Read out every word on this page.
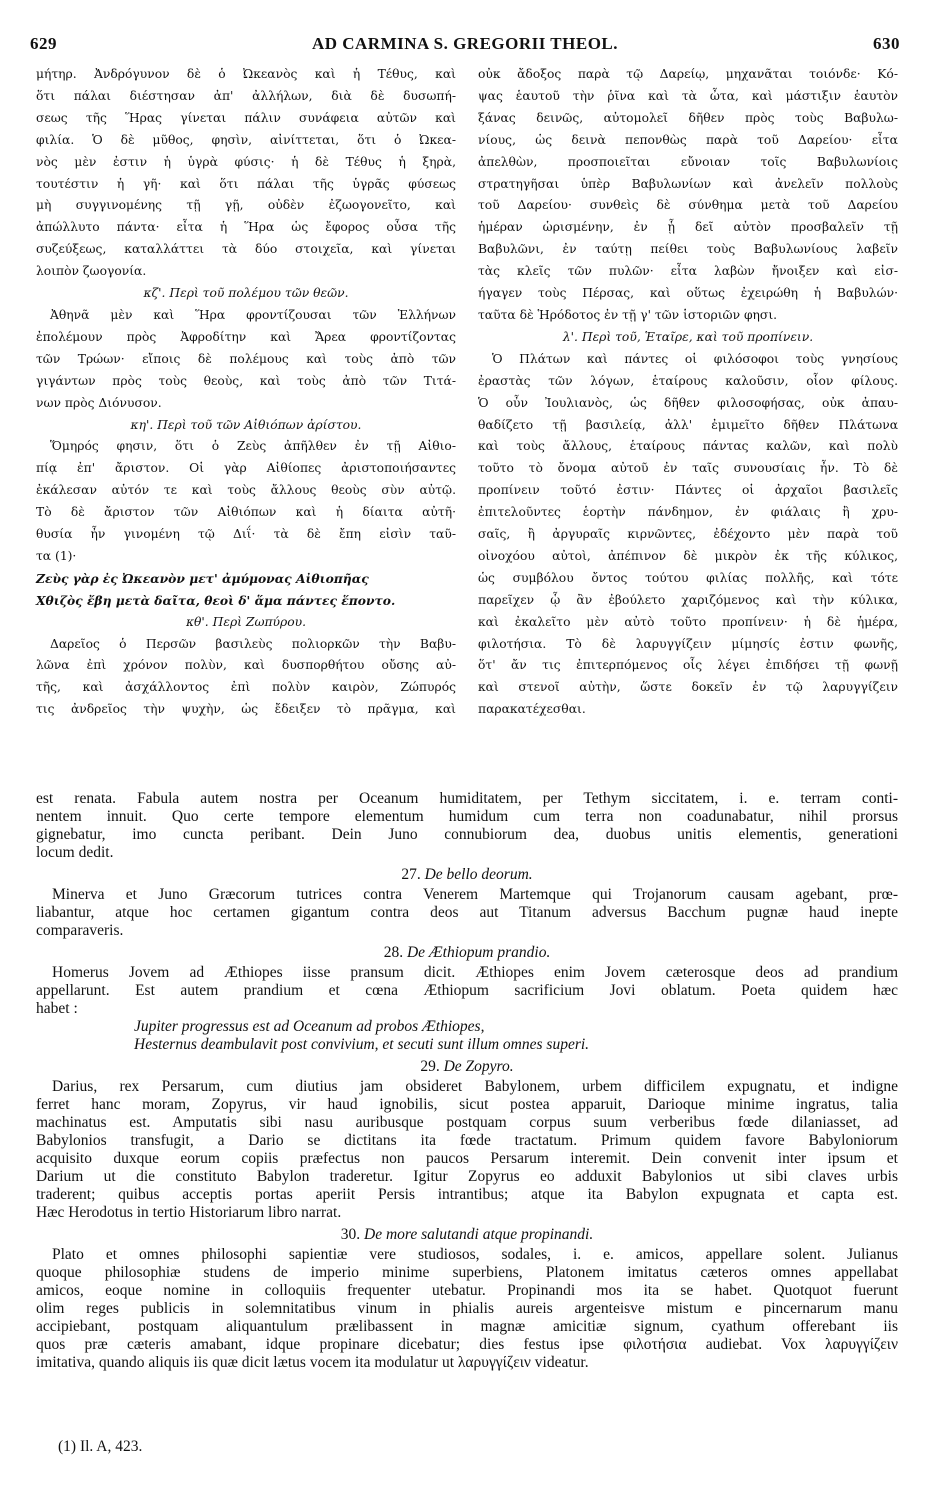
629	AD CARMINA S. GREGORII THEOL.	630
μήτηρ. Ἀνδρόγυνον δὲ ὁ Ὠκεανὸς καὶ ἡ Τέθυς, καὶ
ὅτι πάλαι διέστησαν ἀπ' ἀλλήλων, διὰ δὲ δυσωπή-
σεως τῆς Ἥρας γίνεται πάλιν συνάφεια αὐτῶν καὶ
φιλία. Ὁ δὲ μῦθος, φησὶν, αἰνίττεται, ὅτι ὁ Ὠκεα-
νὸς μὲν ἐστιν ἡ ὑγρὰ φύσις· ἡ δὲ Τέθυς ἡ ξηρὰ,
τουτέστιν ἡ γῆ· καὶ ὅτι πάλαι τῆς ὑγρᾶς φύσεως
μὴ συγγινομένης τῇ γῇ, οὐδὲν ἐζωογονεῖτο, καὶ
ἀπώλλυτο πάντα· εἶτα ἡ Ἥρα ὡς ἔφορος οὖσα τῆς
συζεύξεως, καταλλάττει τὰ δύο στοιχεῖα, καὶ γίνεται
λοιπὸν ζωογονία.
κζ'. Περὶ τοῦ πολέμου τῶν θεῶν.
Ἀθηνᾶ μὲν καὶ Ἥρα φροντίζουσαι τῶν Ἑλλήνων
ἐπολέμουν πρὸς Ἀφροδίτην καὶ Ἄρεα φροντίζοντας
τῶν Τρώων· εἴποις δὲ πολέμους καὶ τοὺς ἀπὸ τῶν
γιγάντων πρὸς τοὺς θεοὺς, καὶ τοὺς ἀπὸ τῶν Τιτά-
νων πρὸς Διόνυσον.
κη'. Περὶ τοῦ τῶν Αἰθιόπων ἀρίστου.
Ὅμηρός φησιν, ὅτι ὁ Ζεὺς ἀπῆλθεν ἐν τῇ Αἰθιο-
πίᾳ ἐπ' ἄριστον. Οἱ γὰρ Αἰθίοπες ἀριστοποιήσαντες
ἐκάλεσαν αὐτόν τε καὶ τοὺς ἄλλους θεοὺς σὺν αὐτῷ.
Τὸ δὲ ἄριστον τῶν Αἰθιόπων καὶ ἡ δίαιτα αὐτῆ·
θυσία ἦν γινομένη τῷ Διΐ· τὰ δὲ ἔπη εἰσὶν ταῦ-
τα (1)·
Ζεὺς γὰρ ἐς Ὠκεανὸν μετ' ἀμύμονας Αἰθιοπῆας
Χθιζὸς ἔβη μετὰ δαῖτα, θεοὶ δ' ἅμα πάντες ἕποντο.
κθ'. Περὶ Ζωπύρου.
Δαρεῖος ὁ Περσῶν βασιλεὺς πολιορκῶν τὴν Βαβυ-
λῶνα ἐπὶ χρόνον πολὺν, καὶ δυσπορθήτου οὔσης αὐ-
τῆς, καὶ ἀσχάλλοντος ἐπὶ πολὺν καιρὸν, Ζώπυρός
τις ἀνδρεῖος τὴν ψυχὴν, ὡς ἔδειξεν τὸ πρᾶγμα, καὶ
οὐκ ἄδοξος παρὰ τῷ Δαρείῳ, μηχανᾶται τοιόνδε· Κό-
ψας ἑαυτοῦ τὴν ῥῖνα καὶ τὰ ὦτα, καὶ μάστιξιν ἑαυτὸν
ξάνας δεινῶς, αὐτομολεῖ δῆθεν πρὸς τοὺς Βαβυλω-
νίους, ὡς δεινὰ πεπονθὼς παρὰ τοῦ Δαρείου· εἶτα
ἀπελθὼν, προσποιεῖται εὔνοιαν τοῖς Βαβυλωνίοις
στρατηγῆσαι ὑπὲρ Βαβυλωνίων καὶ ἀνελεῖν πολλοὺς
τοῦ Δαρείου· συνθεὶς δὲ σύνθημα μετὰ τοῦ Δαρείου
ἡμέραν ὡρισμένην, ἐν ᾗ δεῖ αὐτὸν προσβαλεῖν τῇ
Βαβυλῶνι, ἐν ταύτῃ πείθει τοὺς Βαβυλωνίους λαβεῖν
τὰς κλεῖς τῶν πυλῶν· εἶτα λαβὼν ἤνοιξεν καὶ εἰσ-
ήγαγεν τοὺς Πέρσας, καὶ οὕτως ἐχειρώθη ἡ Βαβυλών·
ταῦτα δὲ Ἡρόδοτος ἐν τῇ γ' τῶν ἱστοριῶν φησι.
λ'. Περὶ τοῦ, Ἑταῖρε, καὶ τοῦ προπίνειν.
Ὁ Πλάτων καὶ πάντες οἱ φιλόσοφοι τοὺς γνησίους
ἐραστὰς τῶν λόγων, ἑταίρους καλοῦσιν, οἷον φίλους.
Ὁ οὖν Ἰουλιανὸς, ὡς δῆθεν φιλοσοφήσας, οὐκ ἀπαυ-
θαδίζετο τῇ βασιλείᾳ, ἀλλ' ἐμιμεῖτο δῆθεν Πλάτωνα
καὶ τοὺς ἄλλους, ἑταίρους πάντας καλῶν, καὶ πολὺ
τοῦτο τὸ ὄνομα αὐτοῦ ἐν ταῖς συνουσίαις ἦν. Τὸ δὲ
προπίνειν τοῦτό ἐστιν· Πάντες οἱ ἀρχαῖοι βασιλεῖς
ἐπιτελοῦντες ἑορτὴν πάνδημον, ἐν φιάλαις ἢ χρυ-
σαῖς, ἢ ἀργυραῖς κιρνῶντες, ἐδέχοντο μὲν παρὰ τοῦ
οἰνοχόου αὐτοὶ, ἀπέπινον δὲ μικρὸν ἐκ τῆς κύλικος,
ὡς συμβόλου ὄντος τούτου φιλίας πολλῆς, καὶ τότε
παρεῖχεν ᾧ ἂν ἐβούλετο χαριζόμενος καὶ τὴν κύλικα,
καὶ ἐκαλεῖτο μὲν αὐτὸ τοῦτο προπίνειν· ἡ δὲ ἡμέρα,
φιλοτήσια. Τὸ δὲ λαρυγγίζειν μίμησίς ἐστιν φωνῆς,
ὅτ' ἄν τις ἐπιτερπόμενος οἷς λέγει ἐπιδήσει τῇ φωνῇ
καὶ στενοῖ αὐτὴν, ὥστε δοκεῖν ἐν τῷ λαρυγγίζειν
παρακατέχεσθαι.
est renata. Fabula autem nostra per Oceanum humiditatem, per Tethym siccitatem, i. e. terram conti-
nentem innuit. Quo certe tempore elementum humidum cum terra non coadunabatur, nihil prorsus
gignebatur, imo cuncta peribant. Dein Juno connubiorum dea, duobus unitis elementis, generationi
locum dedit.
27. De bello deorum.
Minerva et Juno Græcorum tutrices contra Venerem Martemque qui Trojanorum causam agebant, prœ-
liabantur, atque hoc certamen gigantum contra deos aut Titanum adversus Bacchum pugnæ haud inepte
comparaveris.
28. De Æthiopum prandio.
Homerus Jovem ad Æthiopes iisse pransum dicit. Æthiopes enim Jovem cæterosque deos ad prandium
appellarunt. Est autem prandium et cœna Æthiopum sacrificium Jovi oblatum. Poeta quidem hæc
habet :
Jupiter progressus est ad Oceanum ad probos Æthiopes,
Hesternus deambulavit post convivium, et secuti sunt illum omnes superi.
29. De Zopyro.
Darius, rex Persarum, cum diutius jam obsideret Babylonem, urbem difficilem expugnatu, et indigne
ferret hanc moram, Zopyrus, vir haud ignobilis, sicut postea apparuit, Darioque minime ingratus, talia
machinatus est. Amputatis sibi nasu auribusque postquam corpus suum verberibus fœde dilaniasset, ad
Babylonios transfugit, a Dario se dictitans ita fœde tractatum. Primum quidem favore Babyloniorum
acquisito duxque eorum copiis præfectus non paucos Persarum interemit. Dein convenit inter ipsum et
Darium ut die constituto Babylon traderetur. Igitur Zopyrus eo adduxit Babylonios ut sibi claves urbis
traderent; quibus acceptis portas aperiit Persis intrantibus; atque ita Babylon expugnata et capta est.
Hæc Herodotus in tertio Historiarum libro narrat.
30. De more salutandi atque propinandi.
Plato et omnes philosophi sapientiæ vere studiosos, sodales, i. e. amicos, appellare solent. Julianus
quoque philosophiæ studens de imperio minime superbiens, Platonem imitatus cæteros omnes appellabat
amicos, eoque nomine in colloquiis frequenter utebatur. Propinandi mos ita se habet. Quotquot fuerunt
olim reges publicis in solemnitatibus vinum in phialis aureis argenteisve mistum e pincernarum manu
accipiebant, postquam aliquantulum prælibassent in magnæ amicitiæ signum, cyathum offerebant iis
quos præ cæteris amabant, idque propinare dicebatur; dies festus ipse φιλοτήσια audiebat. Vox λαρυγγίζειν
imitativa, quando aliquis iis quæ dicit lætus vocem ita modulatur ut λαρυγγίζειν videatur.
(1) Il. A, 423.
